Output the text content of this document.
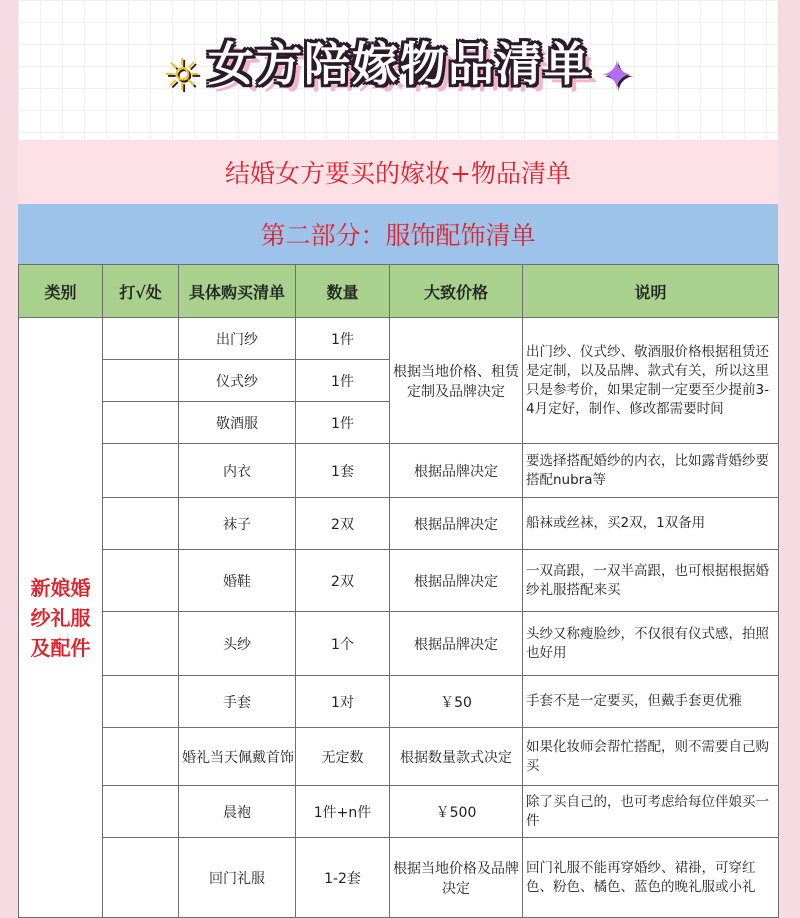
☼ 女方陪嫁物品清单 ✦
结婚女方要买的嫁妆+物品清单
第二部分：服饰配饰清单
类别	打√处	具体购买清单	数量	大致价格	说明

新娘婚纱礼服及配件		出门纱	1件	根据当地价格、租赁定制及品牌决定	出门纱、仪式纱、敬酒服价格根据租赁还是定制，以及品牌、款式有关，所以这里只是参考价，如果定制一定要至少提前3-4月定好，制作、修改都需要时间
		仪式纱	1件		
		敬酒服	1件		
		内衣	1套	根据品牌决定	要选择搭配婚纱的内衣，比如露背婚纱要搭配nubra等
		袜子	2双	根据品牌决定	船袜或丝袜，买2双，1双备用
		婚鞋	2双	根据品牌决定	一双高跟，一双半高跟，也可根据根据婚纱礼服搭配来买
		头纱	1个	根据品牌决定	头纱又称瘦脸纱，不仅很有仪式感，拍照也好用
		手套	1对	￥50	手套不是一定要买，但戴手套更优雅
		婚礼当天佩戴首饰	无定数	根据数量款式决定	如果化妆师会帮忙搭配，则不需要自己购买
		晨袍	1件+n件	￥500	除了买自己的，也可考虑给每位伴娘买一件
		回门礼服	1-2套	根据当地价格及品牌决定	回门礼服不能再穿婚纱、裙褂，可穿红色、粉色、橘色、蓝色的晚礼服或小礼
